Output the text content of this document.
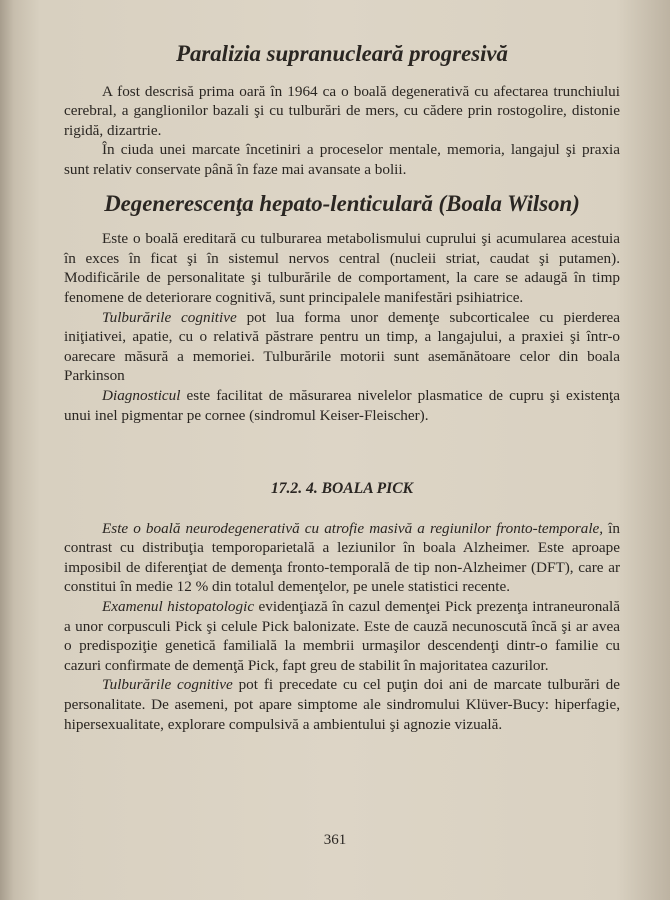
Paralizia supranucleară progresivă

A fost descrisă prima oară în 1964 ca o boală degenerativă cu afectarea trunchiului cerebral, a ganglionilor bazali şi cu tulburări de mers, cu cădere prin rostogolire, distonie rigidă, dizartrie.

În ciuda unei marcate încetiniri a proceselor mentale, memoria, langajul şi praxia sunt relativ conservate până în faze mai avansate a bolii.

Degenerescenţa hepato-lenticulară (Boala Wilson)

Este o boală ereditară cu tulburarea metabolismului cuprului şi acumularea acestuia în exces în ficat şi în sistemul nervos central (nucleii striat, caudat şi putamen). Modificările de personalitate şi tulburările de comportament, la care se adaugă în timp fenomene de deteriorare cognitivă, sunt principalele manifestări psihiatrice.

Tulburările cognitive pot lua forma unor demenţe subcorticalee cu pierderea iniţiativei, apatie, cu o relativă păstrare pentru un timp, a langajului, a praxiei şi într-o oarecare măsură a memoriei. Tulburările motorii sunt asemănătoare celor din boala Parkinson

Diagnosticul este facilitat de măsurarea nivelelor plasmatice de cupru şi existenţa unui inel pigmentar pe cornee (sindromul Keiser-Fleischer).

17.2. 4. BOALA PICK

Este o boală neurodegenerativă cu atrofie masivă a regiunilor fronto-temporale, în contrast cu distribuţia temporoparietală a leziunilor în boala Alzheimer. Este aproape imposibil de diferenţiat de demenţa fronto-temporală de tip non-Alzheimer (DFT), care ar constitui în medie 12 % din totalul demenţelor, pe unele statistici recente.

Examenul histopatologic evidenţiază în cazul demenţei Pick prezenţa intraneuronală a unor corpusculi Pick şi celule Pick balonizate. Este de cauză necunoscută încă şi ar avea o predispoziţie genetică familială la membrii urmaşilor descendenţi dintr-o familie cu cazuri confirmate de demenţă Pick, fapt greu de stabilit în majoritatea cazurilor.

Tulburările cognitive pot fi precedate cu cel puţin doi ani de marcate tulburări de personalitate. De asemeni, pot apare simptome ale sindromului Klüver-Bucy: hiperfagie, hipersexualitate, explorare compulsivă a ambientului şi agnozie vizuală.

361
